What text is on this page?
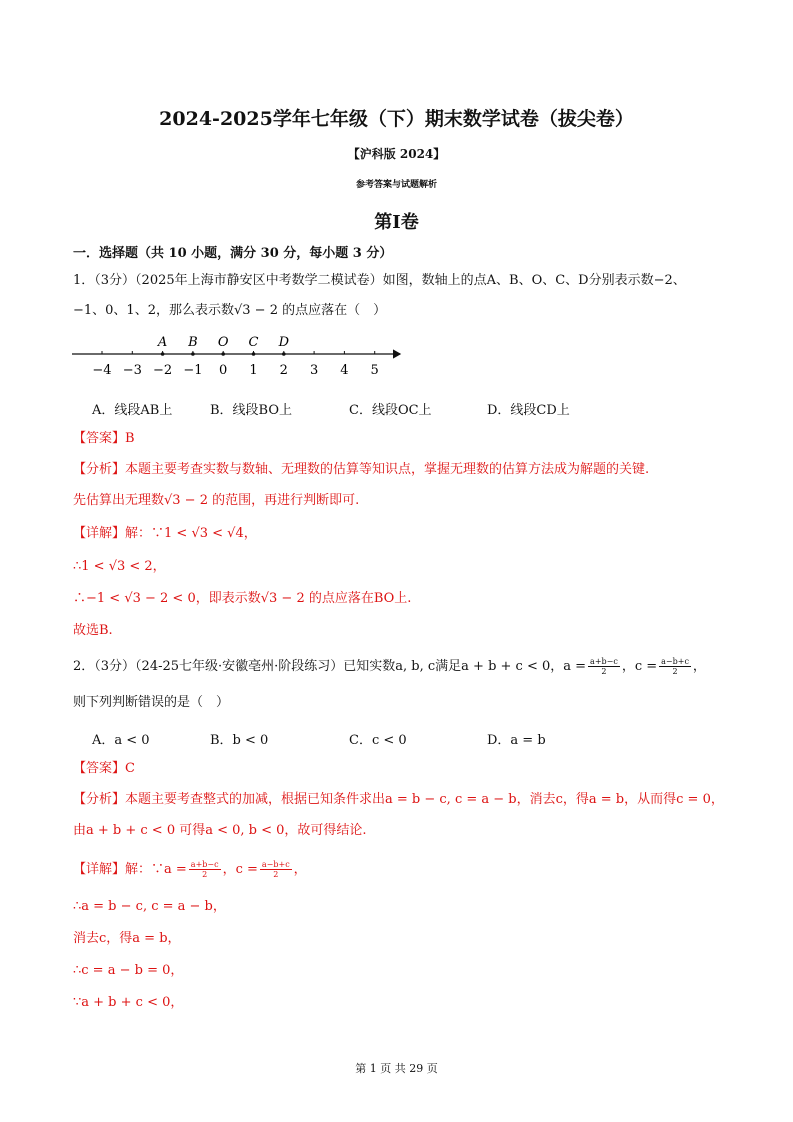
2024-2025学年七年级（下）期末数学试卷（拔尖卷）
【沪科版 2024】
参考答案与试题解析
第I卷
一．选择题（共 10 小题，满分 30 分，每小题 3 分）
1．（3分）（2025年上海市静安区中考数学二模试卷）如图，数轴上的点A、B、O、C、D分别表示数−2、
−1、0、1、2，那么表示数√3 − 2 的点应落在（　）
−4 −3 −2 −1 0 1 2 3 4 5
A B O C D
A．线段AB上	B．线段BO上	C．线段OC上	D．线段CD上
【答案】B
【分析】本题主要考查实数与数轴、无理数的估算等知识点，掌握无理数的估算方法成为解题的关键.
先估算出无理数√3 − 2 的范围，再进行判断即可.
【详解】解：∵1 < √3 < √4，
∴1 < √3 < 2，
∴−1 < √3 − 2 < 0，即表示数√3 − 2 的点应落在BO上.
故选B.
2．（3分）（24-25七年级·安徽亳州·阶段练习）已知实数a, b, c满足a + b + c < 0，$a = \frac{a+b-c}{2}$ ，$c = \frac{a-b+c}{2}$ ，
则下列判断错误的是（　）
A．a < 0	B．b < 0	C．c < 0	D．a = b
【答案】C
【分析】本题主要考查整式的加减，根据已知条件求出a = b − c, c = a − b，消去c，得a = b，从而得c = 0，
由a + b + c < 0 可得a < 0, b < 0，故可得结论.
【详解】解：∵a = $\frac{a+b-c}{2}$ ，$c = \frac{a-b+c}{2}$ ，
∴a = b − c, c = a − b，
消去c，得a = b，
∴c = a − b = 0，
∵a + b + c < 0，
第 1 页 共 29 页
